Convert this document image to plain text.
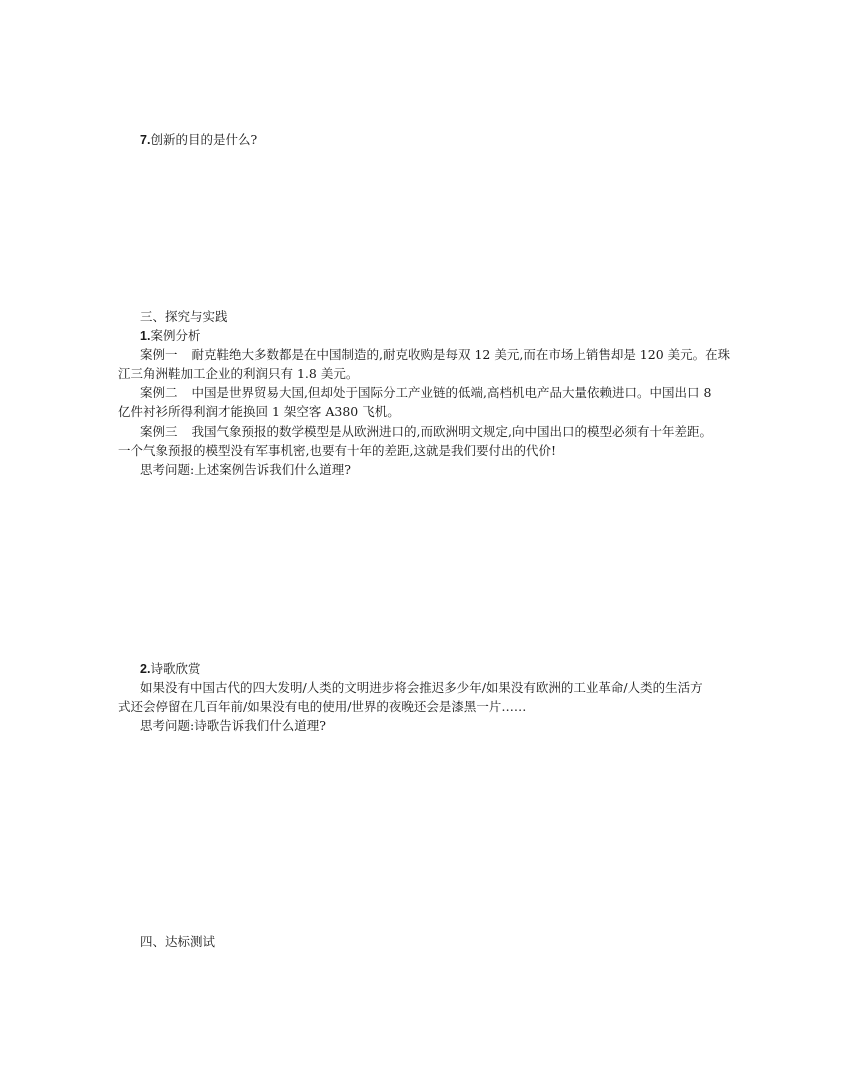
7.创新的目的是什么?
三、探究与实践
1.案例分析
案例一 耐克鞋绝大多数都是在中国制造的,耐克收购是每双 12 美元,而在市场上销售却是 120 美元。在珠
江三角洲鞋加工企业的利润只有 1.8 美元。
案例二 中国是世界贸易大国,但却处于国际分工产业链的低端,高档机电产品大量依赖进口。中国出口 8
亿件衬衫所得利润才能换回 1 架空客 A380 飞机。
案例三 我国气象预报的数学模型是从欧洲进口的,而欧洲明文规定,向中国出口的模型必须有十年差距。
一个气象预报的模型没有军事机密,也要有十年的差距,这就是我们要付出的代价!
思考问题:上述案例告诉我们什么道理?
2.诗歌欣赏
如果没有中国古代的四大发明/人类的文明进步将会推迟多少年/如果没有欧洲的工业革命/人类的生活方
式还会停留在几百年前/如果没有电的使用/世界的夜晚还会是漆黑一片……
思考问题:诗歌告诉我们什么道理?
四、达标测试
